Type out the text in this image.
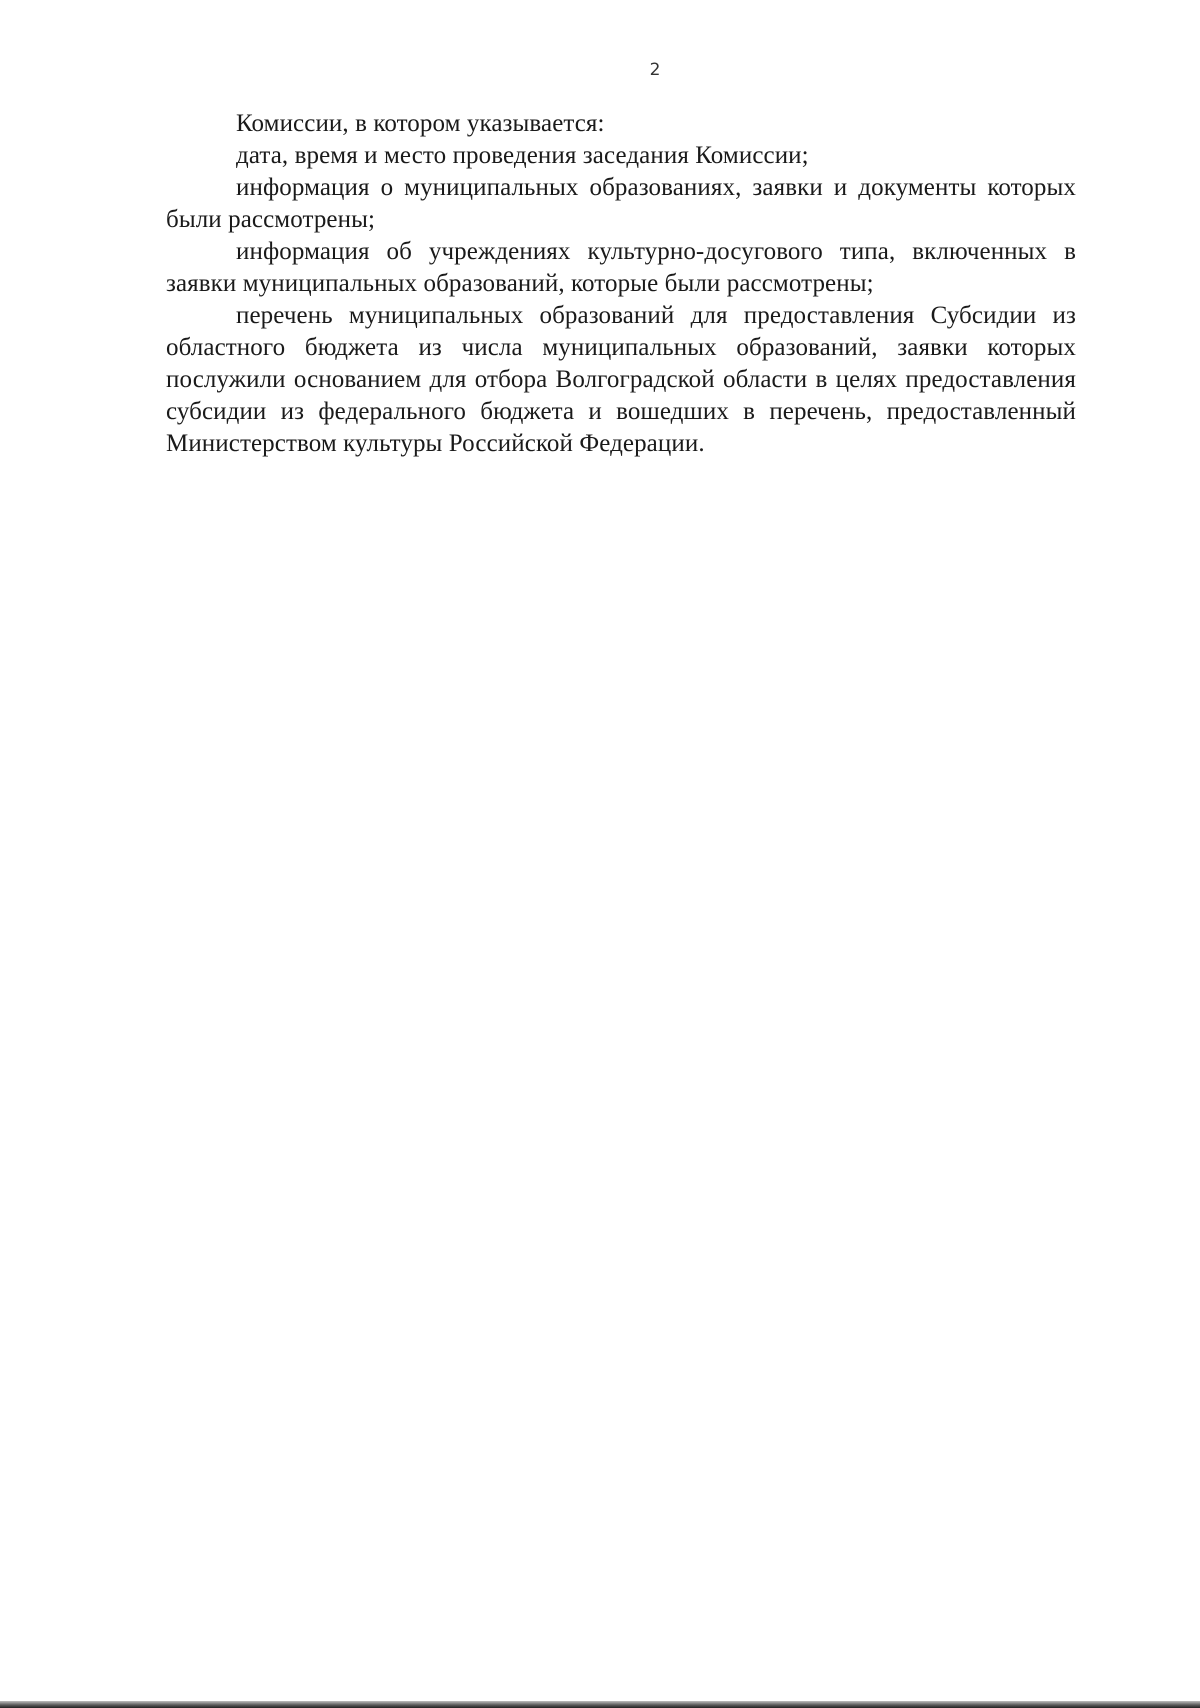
2

Комиссии, в котором указывается:

дата, время и место проведения заседания Комиссии;

информация о муниципальных образованиях, заявки и документы которых были рассмотрены;

информация об учреждениях культурно-досугового типа, включенных в заявки муниципальных образований, которые были рассмотрены;

перечень муниципальных образований для предоставления Субсидии из областного бюджета из числа муниципальных образований, заявки которых послужили основанием для отбора Волгоградской области в целях предоставления субсидии из федерального бюджета и вошедших в перечень, предоставленный Министерством культуры Российской Федерации.
